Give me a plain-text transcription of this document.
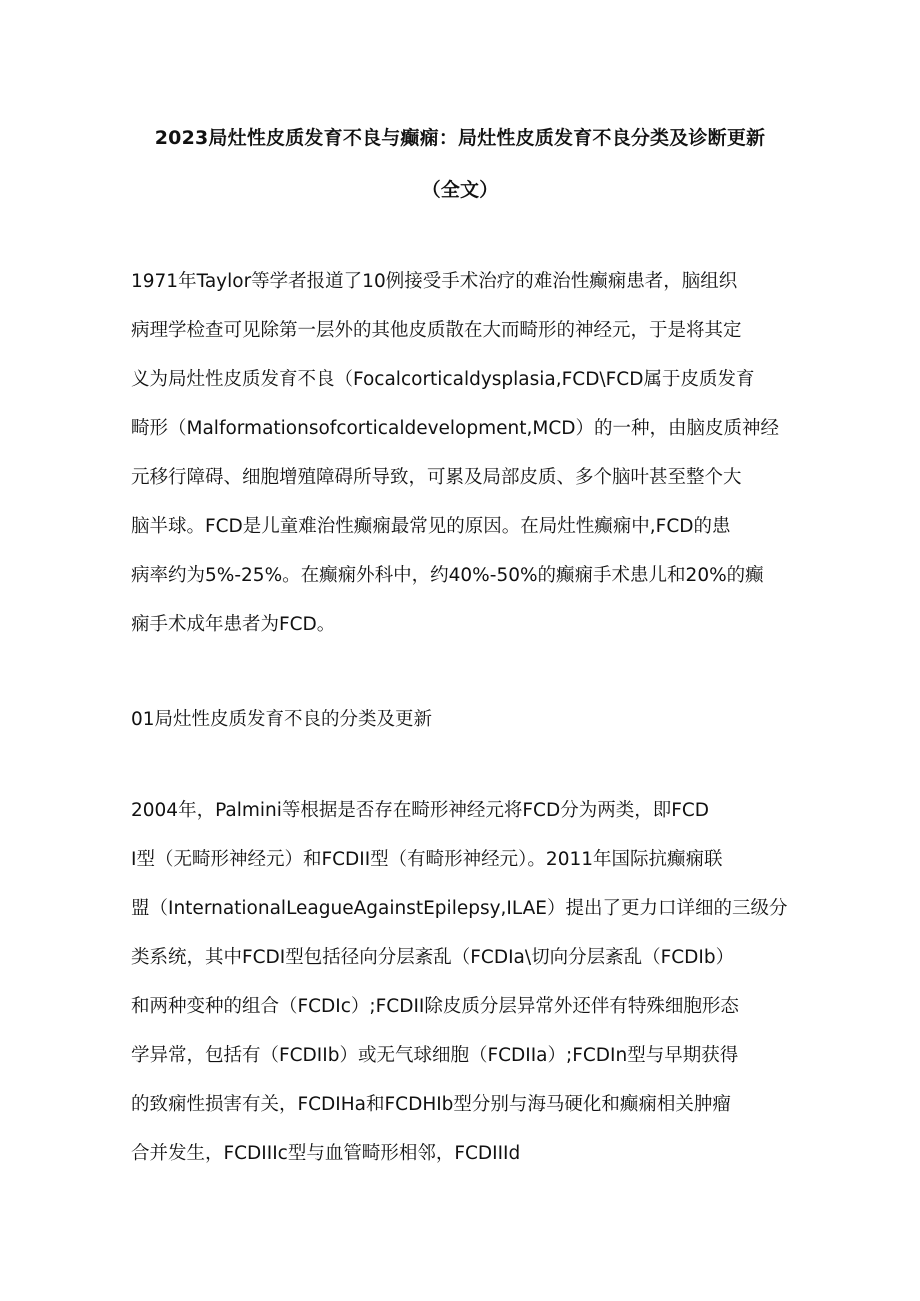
2023局灶性皮质发育不良与癫痫：局灶性皮质发育不良分类及诊断更新
（全文）
1971年Taylor等学者报道了10例接受手术治疗的难治性癫痫患者，脑组织
病理学检查可见除第一层外的其他皮质散在大而畸形的神经元，于是将其定
义为局灶性皮质发育不良（Focalcorticaldysplasia,FCD\FCD属于皮质发育
畸形（Malformationsofcorticaldevelopment,MCD）的一种，由脑皮质神经
元移行障碍、细胞增殖障碍所导致，可累及局部皮质、多个脑叶甚至整个大
脑半球。FCD是儿童难治性癫痫最常见的原因。在局灶性癫痫中,FCD的患
病率约为5%-25%。在癫痫外科中，约40%-50%的癫痫手术患儿和20%的癫
痫手术成年患者为FCD。
01局灶性皮质发育不良的分类及更新
2004年，Palmini等根据是否存在畸形神经元将FCD分为两类，即FCD
I型（无畸形神经元）和FCDII型（有畸形神经元）。2011年国际抗癫痫联
盟（InternationalLeagueAgainstEpilepsy,ILAE）提出了更力口详细的三级分
类系统，其中FCDI型包括径向分层紊乱（FCDIa\切向分层紊乱（FCDIb）
和两种变种的组合（FCDIc）;FCDII除皮质分层异常外还伴有特殊细胞形态
学异常，包括有（FCDIIb）或无气球细胞（FCDIIa）;FCDIn型与早期获得
的致痫性损害有关，FCDIHa和FCDHIb型分别与海马硬化和癫痫相关肿瘤
合并发生，FCDIIIc型与血管畸形相邻，FCDIIId
